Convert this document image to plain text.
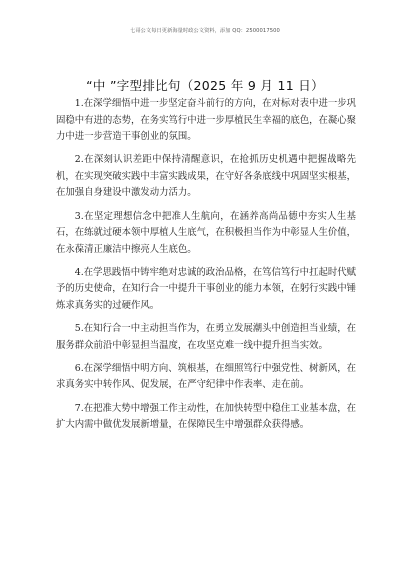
七哥公文每日更新海量时政公文资料，添加 QQ：2500017500
“中 ”字型排比句（2025 年 9 月 11 日）

1.在深学细悟中进一步坚定奋斗前行的方向，在对标对表中进一步巩固稳中有进的态势，在务实笃行中进一步厚植民生幸福的底色，在凝心聚力中进一步营造干事创业的氛围。

2.在深刻认识差距中保持清醒意识，在抢抓历史机遇中把握战略先机，在实现突破实践中丰富实践成果，在守好各条底线中巩固坚实根基，在加强自身建设中激发动力活力。

3.在坚定理想信念中把准人生航向，在涵养高尚品德中夯实人生基石，在练就过硬本领中厚植人生底气，在积极担当作为中彰显人生价值，在永葆清正廉洁中擦亮人生底色。

4.在学思践悟中铸牢绝对忠诚的政治品格，在笃信笃行中扛起时代赋予的历史使命，在知行合一中提升干事创业的能力本领，在躬行实践中锤炼求真务实的过硬作风。

5.在知行合一中主动担当作为，在勇立发展潮头中创造担当业绩，在服务群众前沿中彰显担当温度，在攻坚克难一线中提升担当实效。

6.在深学细悟中明方向、筑根基，在细照笃行中强党性、树新风，在求真务实中转作风、促发展，在严守纪律中作表率、走在前。

7.在把准大势中增强工作主动性，在加快转型中稳住工业基本盘，在扩大内需中做优发展新增量，在保障民生中增强群众获得感。
